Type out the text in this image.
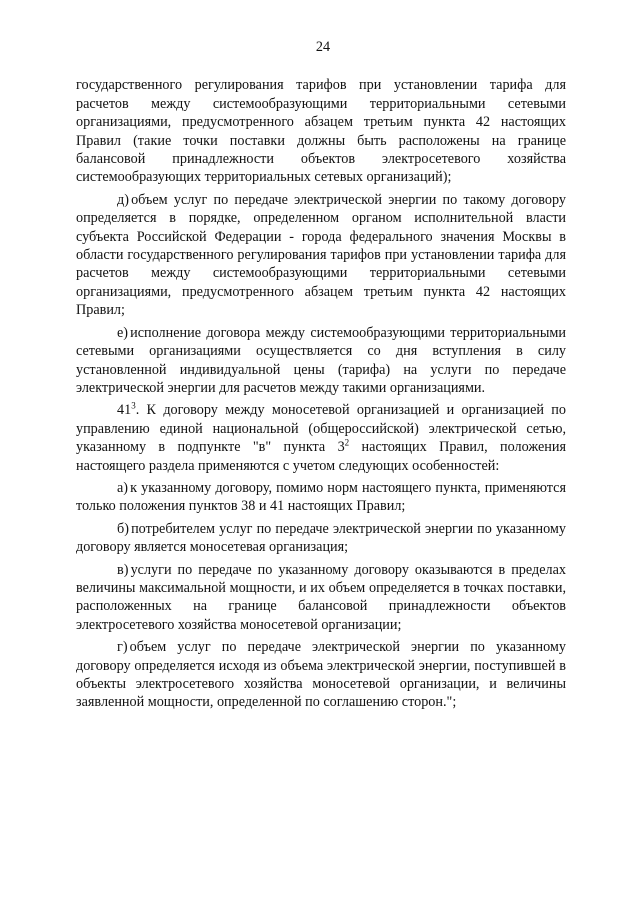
24

государственного регулирования тарифов при установлении тарифа для расчетов между системообразующими территориальными сетевыми организациями, предусмотренного абзацем третьим пункта 42 настоящих Правил (такие точки поставки должны быть расположены на границе балансовой принадлежности объектов электросетевого хозяйства системообразующих территориальных сетевых организаций);

д) объем услуг по передаче электрической энергии по такому договору определяется в порядке, определенном органом исполнительной власти субъекта Российской Федерации - города федерального значения Москвы в области государственного регулирования тарифов при установлении тарифа для расчетов между системообразующими территориальными сетевыми организациями, предусмотренного абзацем третьим пункта 42 настоящих Правил;

е) исполнение договора между системообразующими территориальными сетевыми организациями осуществляется со дня вступления в силу установленной индивидуальной цены (тарифа) на услуги по передаче электрической энергии для расчетов между такими организациями.

$41^3$. К договору между моносетевой организацией и организацией по управлению единой национальной (общероссийской) электрической сетью, указанному в подпункте "в" пункта $3^2$ настоящих Правил, положения настоящего раздела применяются с учетом следующих особенностей:

а) к указанному договору, помимо норм настоящего пункта, применяются только положения пунктов 38 и 41 настоящих Правил;

б) потребителем услуг по передаче электрической энергии по указанному договору является моносетевая организация;

в) услуги по передаче по указанному договору оказываются в пределах величины максимальной мощности, и их объем определяется в точках поставки, расположенных на границе балансовой принадлежности объектов электросетевого хозяйства моносетевой организации;

г) объем услуг по передаче электрической энергии по указанному договору определяется исходя из объема электрической энергии, поступившей в объекты электросетевого хозяйства моносетевой организации, и величины заявленной мощности, определенной по соглашению сторон.";
